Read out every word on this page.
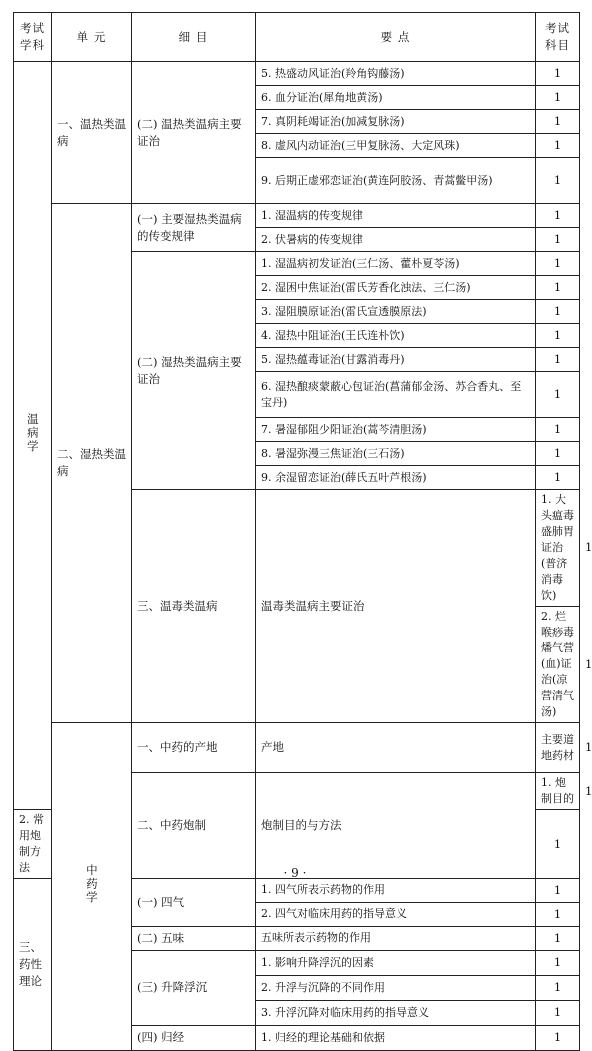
考试学科	单 元	细 目	要 点	考试科目	
温病学	一、温热类温病	(二) 温热类温病主要证治	5. 热盛动风证治(羚角钩藤汤)	1	
			6. 血分证治(犀角地黄汤)	1	
			7. 真阴耗竭证治(加减复脉汤)	1	
			8. 虚风内动证治(三甲复脉汤、大定风珠)	1	
			9. 后期正虚邪恋证治(黄连阿胶汤、青蒿鳖甲汤)	1	
	二、湿热类温病	(一) 主要湿热类温病的传变规律	1. 湿温病的传变规律	1	
			2. 伏暑病的传变规律	1	
		(二) 湿热类温病主要证治	1. 湿温病初发证治(三仁汤、藿朴夏苓汤)	1	
			2. 湿困中焦证治(雷氏芳香化浊法、三仁汤)	1	
			3. 湿阻膜原证治(雷氏宣透膜原法)	1	
			4. 湿热中阻证治(王氏连朴饮)	1	
			5. 湿热蕴毒证治(甘露消毒丹)	1	
			6. 湿热酿痰蒙蔽心包证治(菖蒲郁金汤、苏合香丸、至宝丹)	1	
			7. 暑湿郁阻少阳证治(蒿芩清胆汤)	1	
			8. 暑湿弥漫三焦证治(三石汤)	1	
			9. 余湿留恋证治(薛氏五叶芦根汤)	1	
		三、温毒类温病	温毒类温病主要证治	1. 大头瘟毒盛肺胃证治(普济消毒饮)	1
				2. 烂喉痧毒燔气营(血)证治(凉营清气汤)	1
	中药学	一、中药的产地	产地	主要道地药材	1
		二、中药炮制	炮制目的与方法	1. 炮制目的	1
2. 常用炮制方法				1	
三、药性理论		(一) 四气	1. 四气所表示药物的作用	1	
			2. 四气对临床用药的指导意义	1	
		(二) 五味	五味所表示药物的作用	1	
		(三) 升降浮沉	1. 影响升降浮沉的因素	1	
			2. 升浮与沉降的不同作用	1	
			3. 升浮沉降对临床用药的指导意义	1	
		(四) 归经	1. 归经的理论基础和依据	1	
· 9 ·
